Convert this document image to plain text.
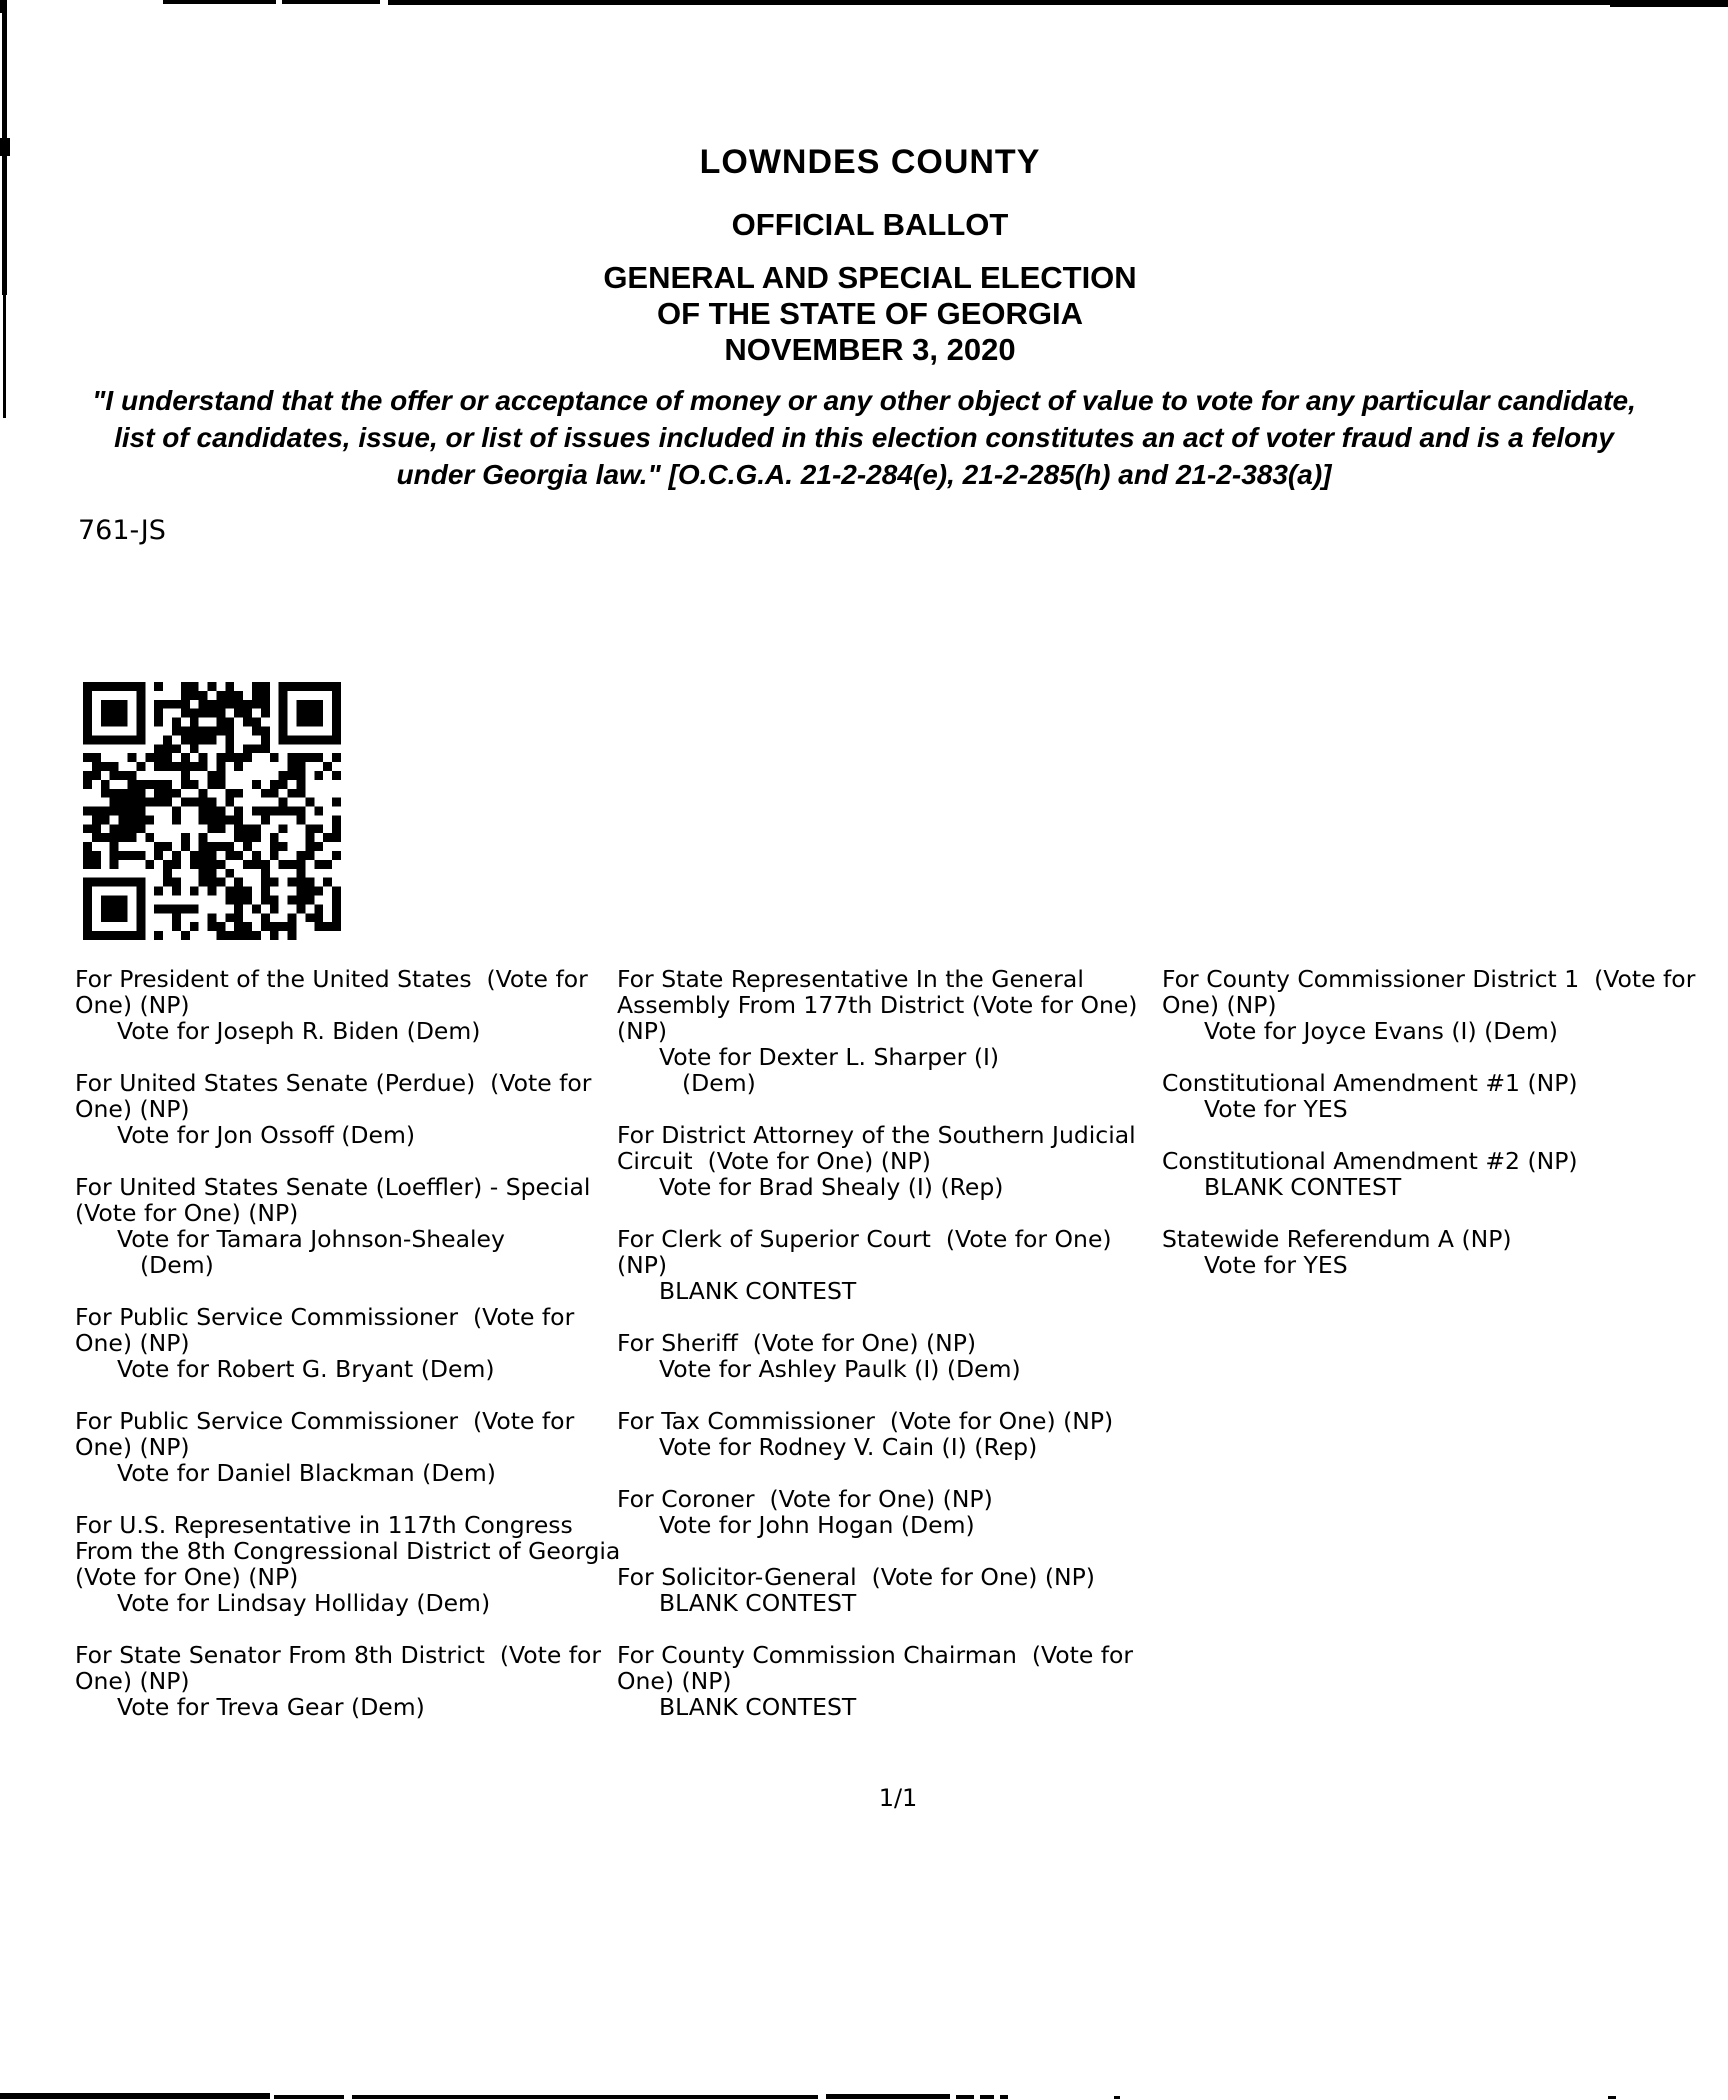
LOWNDES COUNTY
OFFICIAL BALLOT
GENERAL AND SPECIAL ELECTION
OF THE STATE OF GEORGIA
NOVEMBER 3, 2020
"I understand that the offer or acceptance of money or any other object of value to vote for any particular candidate,
list of candidates, issue, or list of issues included in this election constitutes an act of voter fraud and is a felony
under Georgia law." [O.C.G.A. 21-2-284(e), 21-2-285(h) and 21-2-383(a)]
761-JS
For President of the United States  (Vote for One) (NP)
Vote for Joseph R. Biden (Dem)
For United States Senate (Perdue)  (Vote for One) (NP)
Vote for Jon Ossoff (Dem)
For United States Senate (Loeffler) - Special  (Vote for One) (NP)
Vote for Tamara Johnson-Shealey
(Dem)
For Public Service Commissioner  (Vote for One) (NP)
Vote for Robert G. Bryant (Dem)
For Public Service Commissioner  (Vote for One) (NP)
Vote for Daniel Blackman (Dem)
For U.S. Representative in 117th Congress From the 8th Congressional District of Georgia (Vote for One) (NP)
Vote for Lindsay Holliday (Dem)
For State Senator From 8th District  (Vote for One) (NP)
Vote for Treva Gear (Dem)
For State Representative In the General Assembly From 177th District (Vote for One) (NP)
Vote for Dexter L. Sharper (I)
(Dem)
For District Attorney of the Southern Judicial Circuit  (Vote for One) (NP)
Vote for Brad Shealy (I) (Rep)
For Clerk of Superior Court  (Vote for One) (NP)
BLANK CONTEST
For Sheriff  (Vote for One) (NP)
Vote for Ashley Paulk (I) (Dem)
For Tax Commissioner  (Vote for One) (NP)
Vote for Rodney V. Cain (I) (Rep)
For Coroner  (Vote for One) (NP)
Vote for John Hogan (Dem)
For Solicitor-General  (Vote for One) (NP)
BLANK CONTEST
For County Commission Chairman  (Vote for One) (NP)
BLANK CONTEST
For County Commissioner District 1  (Vote for One) (NP)
Vote for Joyce Evans (I) (Dem)
Constitutional Amendment #1 (NP)
Vote for YES
Constitutional Amendment #2 (NP)
BLANK CONTEST
Statewide Referendum A (NP)
Vote for YES
1/1
